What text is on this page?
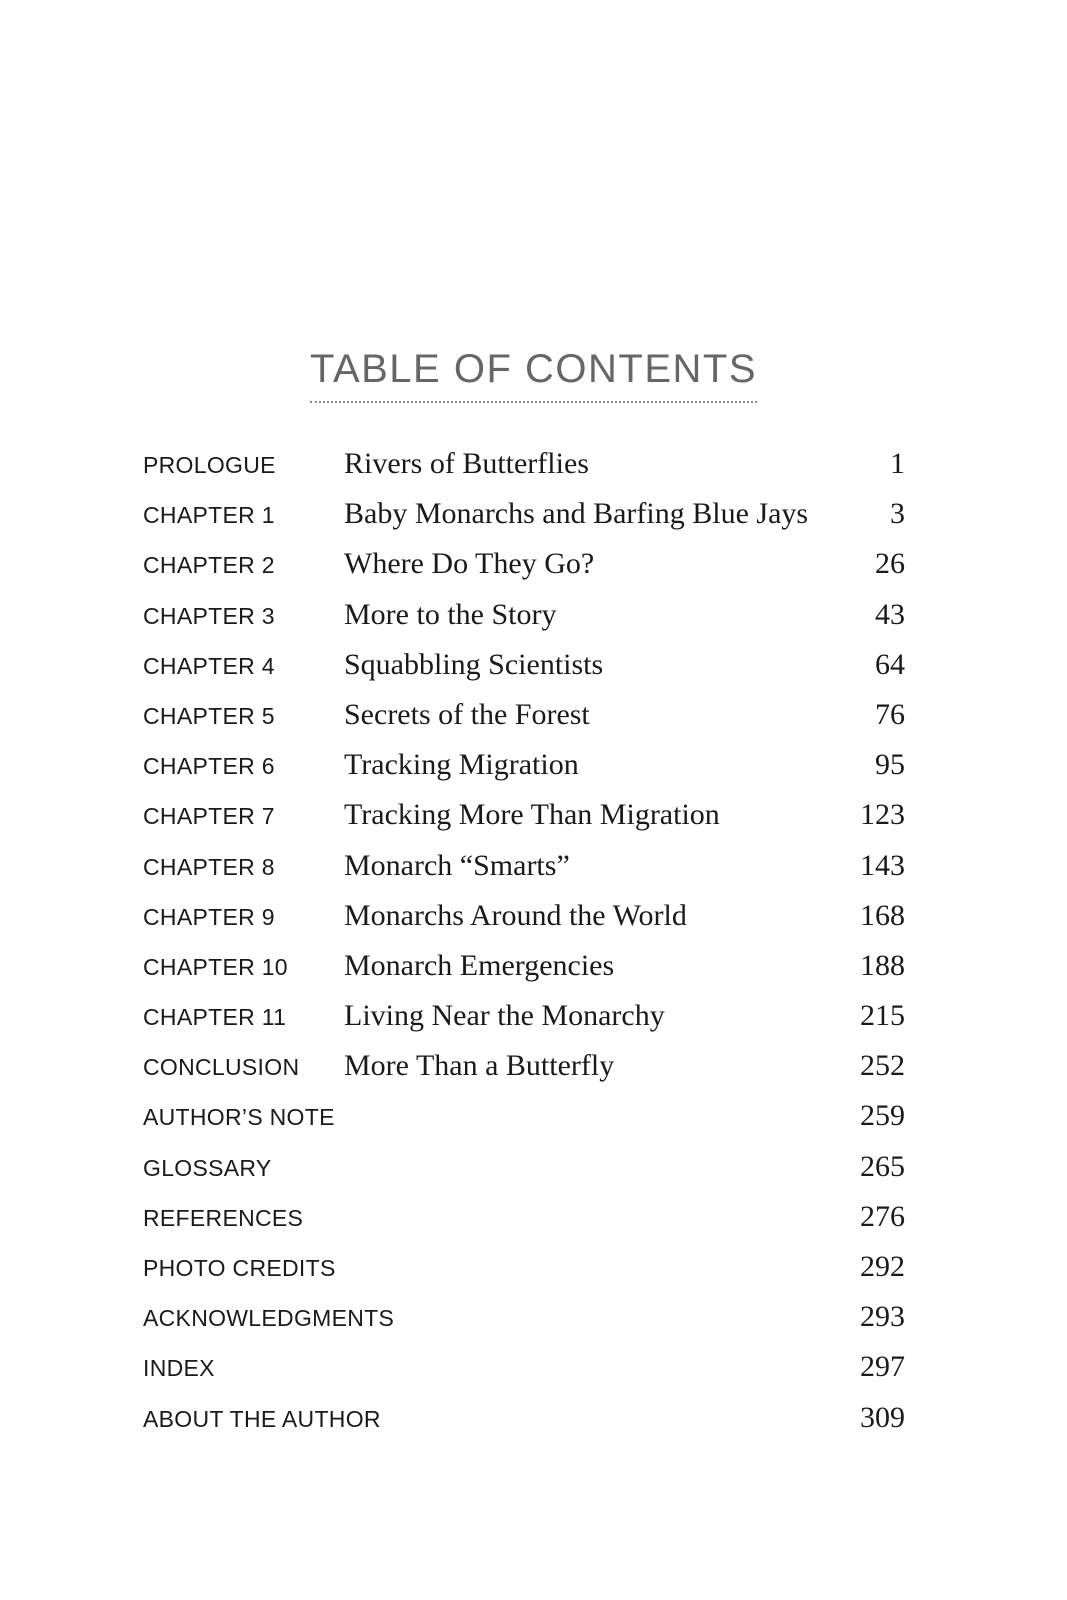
TABLE OF CONTENTS
PROLOGUE Rivers of Butterflies	1
CHAPTER 1 Baby Monarchs and Barfing Blue Jays	3
CHAPTER 2 Where Do They Go?	26
CHAPTER 3 More to the Story	43
CHAPTER 4 Squabbling Scientists	64
CHAPTER 5 Secrets of the Forest	76
CHAPTER 6 Tracking Migration	95
CHAPTER 7 Tracking More Than Migration	123
CHAPTER 8 Monarch “Smarts”	143
CHAPTER 9 Monarchs Around the World	168
CHAPTER 10 Monarch Emergencies	188
CHAPTER 11 Living Near the Monarchy	215
CONCLUSION More Than a Butterfly	252
AUTHOR’S NOTE	259
GLOSSARY	265
REFERENCES	276
PHOTO CREDITS	292
ACKNOWLEDGMENTS	293
INDEX	297
ABOUT THE AUTHOR	309
